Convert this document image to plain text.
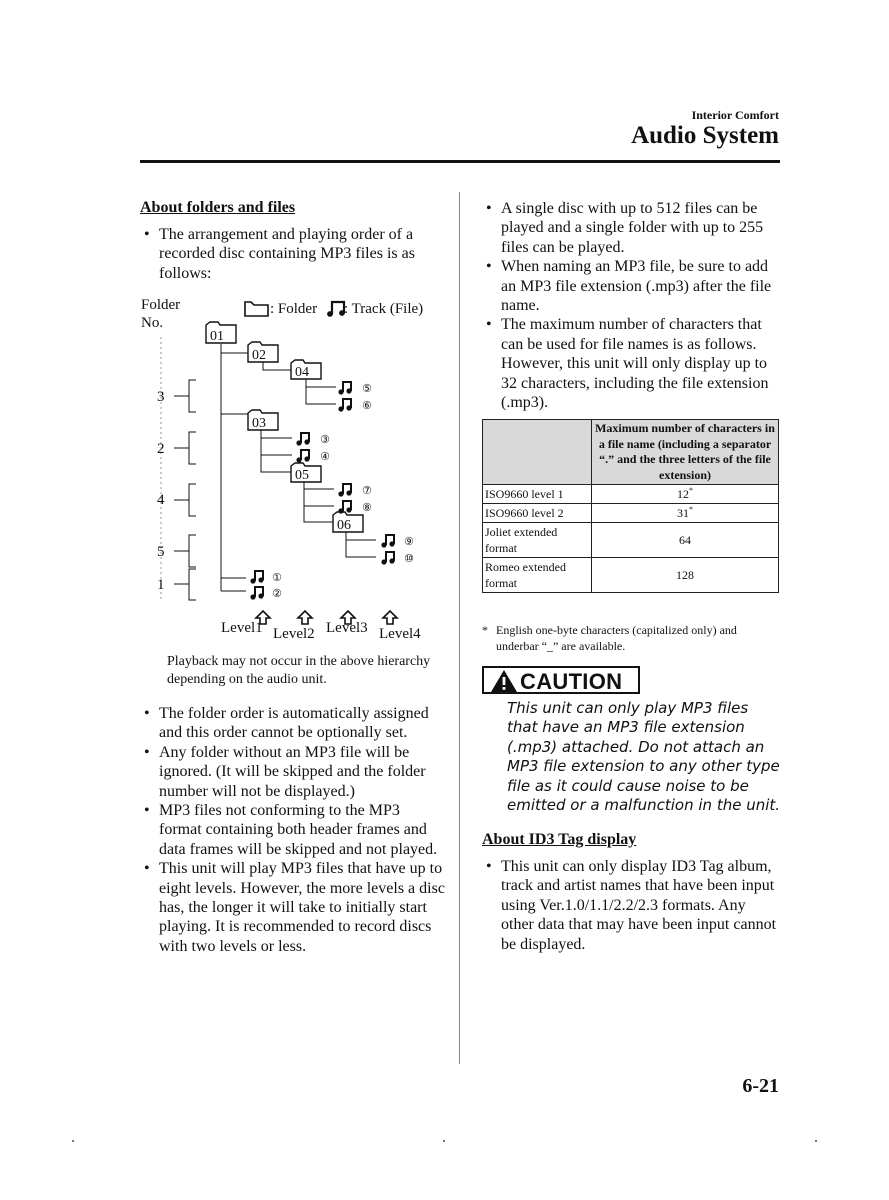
Interior Comfort
Audio System
About folders and files
• The arrangement and playing order of a recorded disc containing MP3 files is as follows:
Folder
No.
: Folder : Track (File)
01
02
04
03
05
06
⑤
⑥
③
④
⑦
⑧
⑨
⑩
①
②
3
2
4
5
1
Level1 Level2 Level3 Level4
Playback may not occur in the above hierarchy depending on the audio unit.
• The folder order is automatically assigned and this order cannot be optionally set.
• Any folder without an MP3 file will be ignored. (It will be skipped and the folder number will not be displayed.)
• MP3 files not conforming to the MP3 format containing both header frames and data frames will be skipped and not played.
• This unit will play MP3 files that have up to eight levels. However, the more levels a disc has, the longer it will take to initially start playing. It is recommended to record discs with two levels or less.
• A single disc with up to 512 files can be played and a single folder with up to 255 files can be played.
• When naming an MP3 file, be sure to add an MP3 file extension (.mp3) after the file name.
• The maximum number of characters that can be used for file names is as follows. However, this unit will only display up to 32 characters, including the file extension (.mp3).
	Maximum number of characters in a file name (including a separator “.” and the three letters of the file extension)
ISO9660 level 1	12*
ISO9660 level 2	31*
Joliet extended format	64
Romeo extended format	128
* English one-byte characters (capitalized only) and underbar “_” are available.
CAUTION
This unit can only play MP3 files that have an MP3 file extension (.mp3) attached. Do not attach an MP3 file extension to any other type file as it could cause noise to be emitted or a malfunction in the unit.
About ID3 Tag display
• This unit can only display ID3 Tag album, track and artist names that have been input using Ver.1.0/1.1/2.2/2.3 formats. Any other data that may have been input cannot be displayed.
6-21
